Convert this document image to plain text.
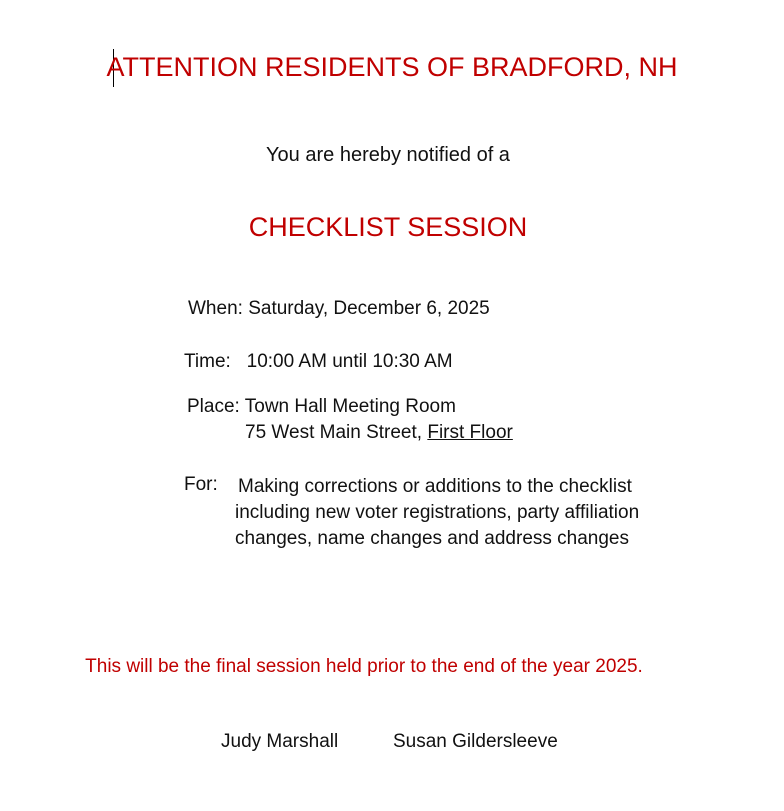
ATTENTION RESIDENTS OF BRADFORD, NH
You are hereby notified of a
CHECKLIST SESSION
When: Saturday, December 6, 2025
Time: 10:00 AM until 10:30 AM
Place: Town Hall Meeting Room
75 West Main Street, First Floor
For: Making corrections or additions to the checklist including new voter registrations, party affiliation changes, name changes and address changes
This will be the final session held prior to the end of the year 2025.
Judy Marshall	Susan Gildersleeve
